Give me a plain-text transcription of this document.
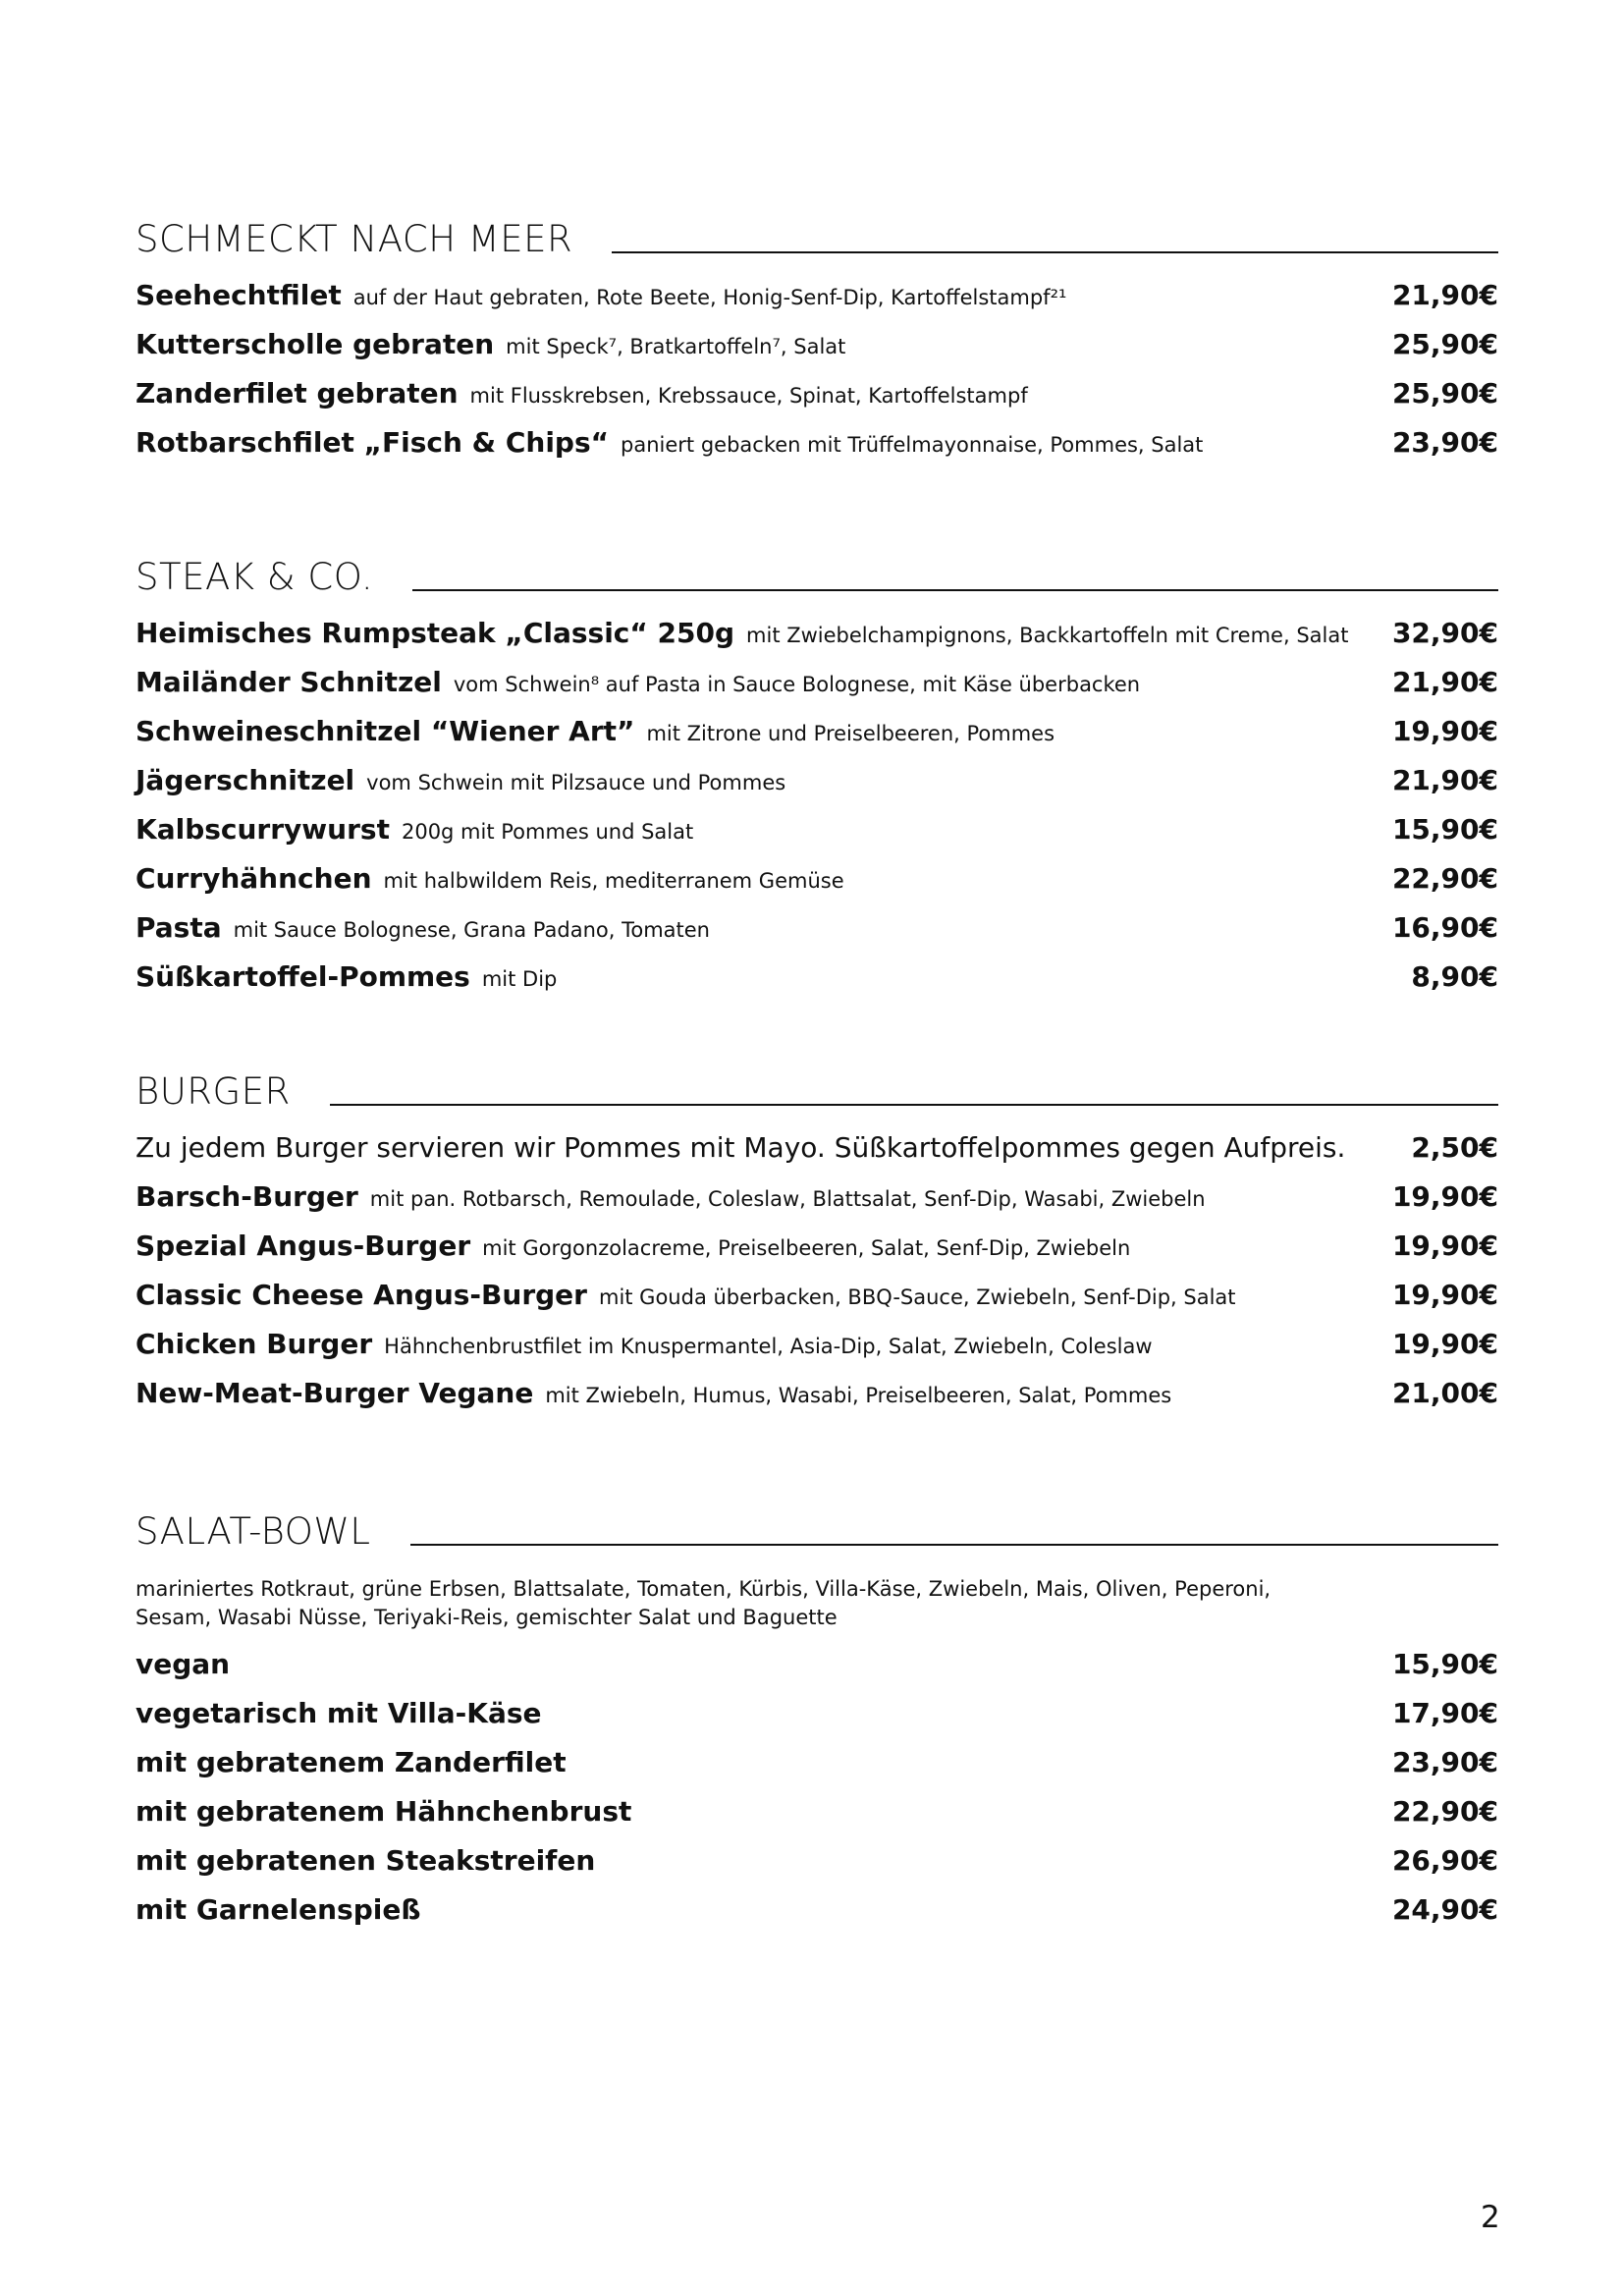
SCHMECKT NACH MEER
Seehechtfilet auf der Haut gebraten, Rote Beete, Honig-Senf-Dip, Kartoffelstampf²¹	21,90€
Kutterscholle gebraten mit Speck⁷, Bratkartoffeln⁷, Salat	25,90€
Zanderfilet gebraten mit Flusskrebsen, Krebssauce, Spinat, Kartoffelstampf	25,90€
Rotbarschfilet „Fisch & Chips“ paniert gebacken mit Trüffelmayonnaise, Pommes, Salat	23,90€
STEAK & CO.
Heimisches Rumpsteak „Classic“ 250g mit Zwiebelchampignons, Backkartoffeln mit Creme, Salat 32,90€
Mailänder Schnitzel vom Schwein⁸ auf Pasta in Sauce Bolognese, mit Käse überbacken	21,90€
Schweineschnitzel “Wiener Art” mit Zitrone und Preiselbeeren, Pommes	19,90€
Jägerschnitzel vom Schwein mit Pilzsauce und Pommes	21,90€
Kalbscurrywurst 200g mit Pommes und Salat	15,90€
Curryhähnchen mit halbwildem Reis, mediterranem Gemüse	22,90€
Pasta mit Sauce Bolognese, Grana Padano, Tomaten	16,90€
Süßkartoffel-Pommes mit Dip	8,90€
BURGER
Zu jedem Burger servieren wir Pommes mit Mayo. Süßkartoffelpommes gegen Aufpreis. 2,50€
Barsch-Burger mit pan. Rotbarsch, Remoulade, Coleslaw, Blattsalat, Senf-Dip, Wasabi, Zwiebeln	19,90€
Spezial Angus-Burger mit Gorgonzolacreme, Preiselbeeren, Salat, Senf-Dip, Zwiebeln	19,90€
Classic Cheese Angus-Burger mit Gouda überbacken, BBQ-Sauce, Zwiebeln, Senf-Dip, Salat	19,90€
Chicken Burger Hähnchenbrustfilet im Knuspermantel, Asia-Dip, Salat, Zwiebeln, Coleslaw	19,90€
New-Meat-Burger Vegane mit Zwiebeln, Humus, Wasabi, Preiselbeeren, Salat, Pommes	21,00€
SALAT-BOWL
mariniertes Rotkraut, grüne Erbsen, Blattsalate, Tomaten, Kürbis, Villa-Käse, Zwiebeln, Mais, Oliven, Peperoni, Sesam, Wasabi Nüsse, Teriyaki-Reis, gemischter Salat und Baguette
vegan	15,90€
vegetarisch mit Villa-Käse	17,90€
mit gebratenem Zanderfilet	23,90€
mit gebratenem Hähnchenbrust	22,90€
mit gebratenen Steakstreifen	26,90€
mit Garnelenspieß	24,90€
2
